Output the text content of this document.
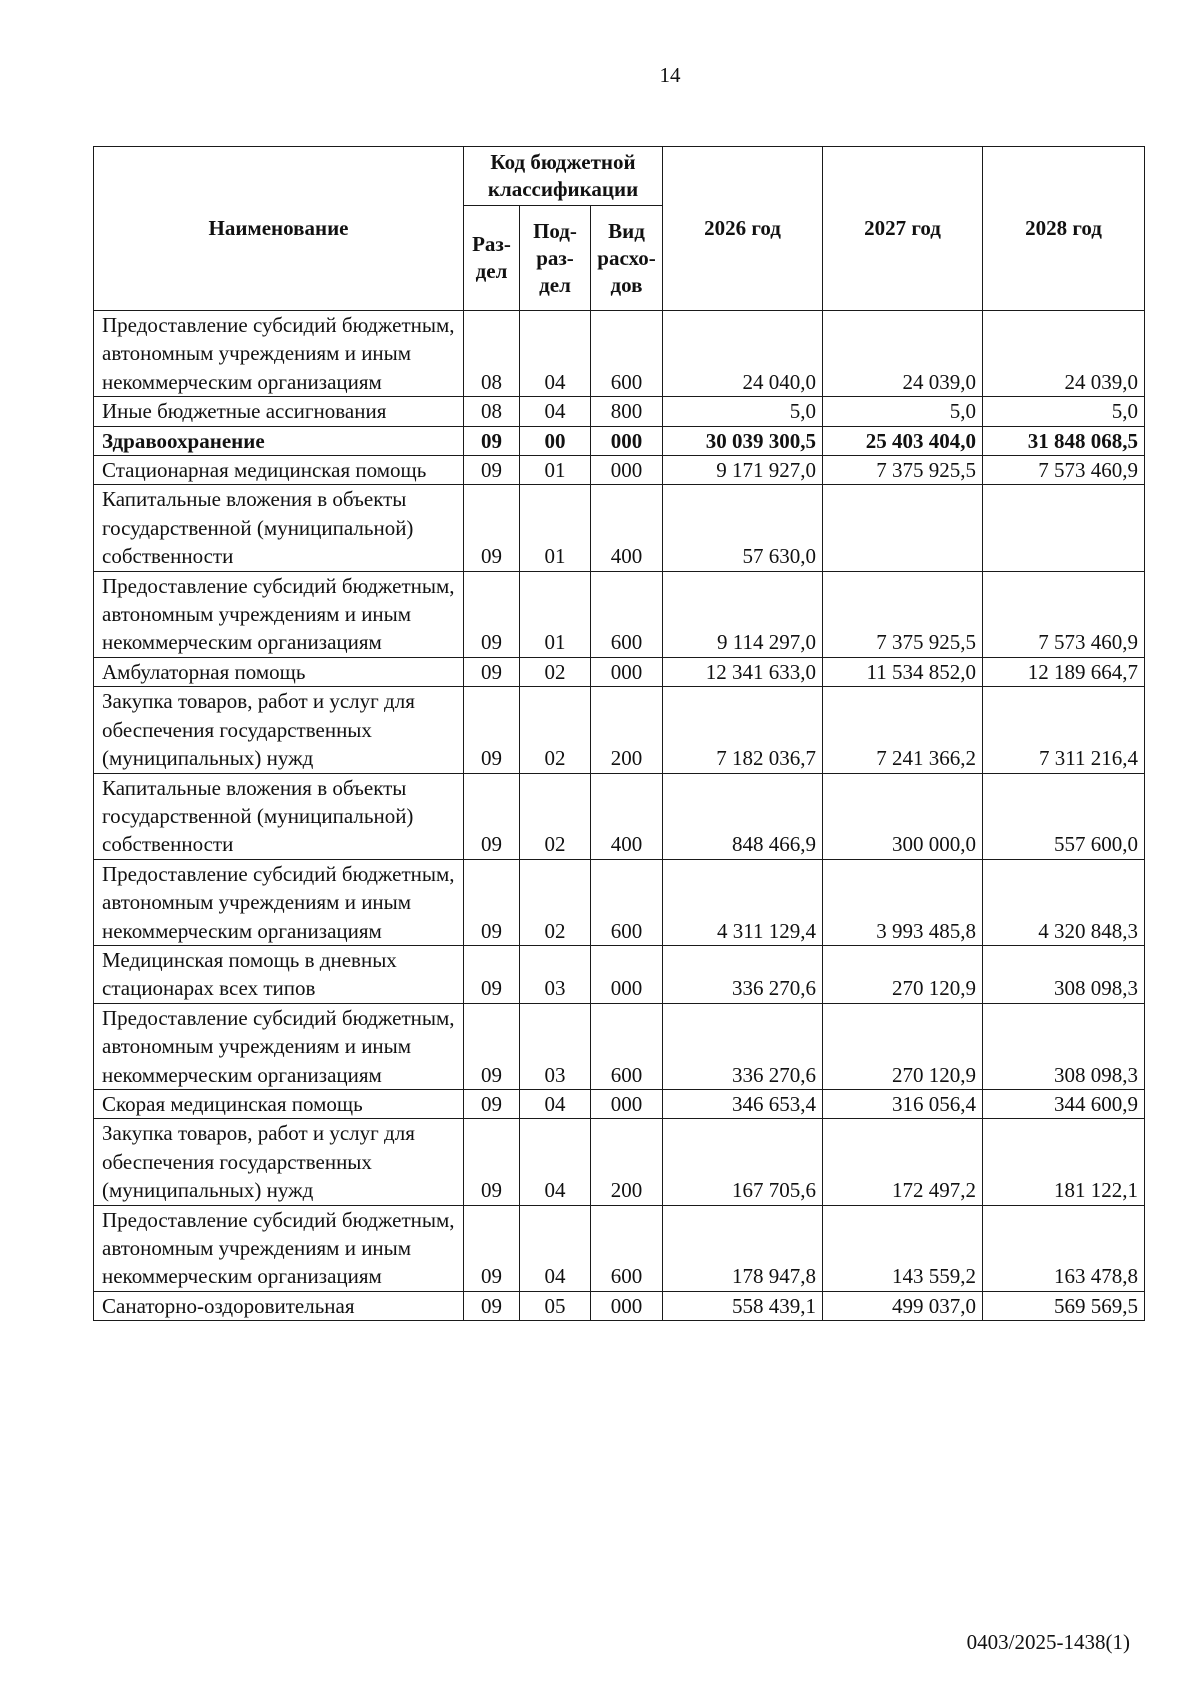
14
Наименование	Код бюджетной классификации			2026 год	2027 год	2028 год
	Раз-дел	Под-раз-дел	Вид расхо-дов			
Предоставление субсидий бюджетным, автономным учреждениям и иным некоммерческим организациям	08	04	600	24 040,0	24 039,0	24 039,0
Иные бюджетные ассигнования	08	04	800	5,0	5,0	5,0
Здравоохранение	09	00	000	30 039 300,5	25 403 404,0	31 848 068,5
Стационарная медицинская помощь	09	01	000	9 171 927,0	7 375 925,5	7 573 460,9
Капитальные вложения в объекты государственной (муниципальной) собственности	09	01	400	57 630,0		
Предоставление субсидий бюджетным, автономным учреждениям и иным некоммерческим организациям	09	01	600	9 114 297,0	7 375 925,5	7 573 460,9
Амбулаторная помощь	09	02	000	12 341 633,0	11 534 852,0	12 189 664,7
Закупка товаров, работ и услуг для обеспечения государственных (муниципальных) нужд	09	02	200	7 182 036,7	7 241 366,2	7 311 216,4
Капитальные вложения в объекты государственной (муниципальной) собственности	09	02	400	848 466,9	300 000,0	557 600,0
Предоставление субсидий бюджетным, автономным учреждениям и иным некоммерческим организациям	09	02	600	4 311 129,4	3 993 485,8	4 320 848,3
Медицинская помощь в дневных стационарах всех типов	09	03	000	336 270,6	270 120,9	308 098,3
Предоставление субсидий бюджетным, автономным учреждениям и иным некоммерческим организациям	09	03	600	336 270,6	270 120,9	308 098,3
Скорая медицинская помощь	09	04	000	346 653,4	316 056,4	344 600,9
Закупка товаров, работ и услуг для обеспечения государственных (муниципальных) нужд	09	04	200	167 705,6	172 497,2	181 122,1
Предоставление субсидий бюджетным, автономным учреждениям и иным некоммерческим организациям	09	04	600	178 947,8	143 559,2	163 478,8
Санаторно-оздоровительная	09	05	000	558 439,1	499 037,0	569 569,5
0403/2025-1438(1)
